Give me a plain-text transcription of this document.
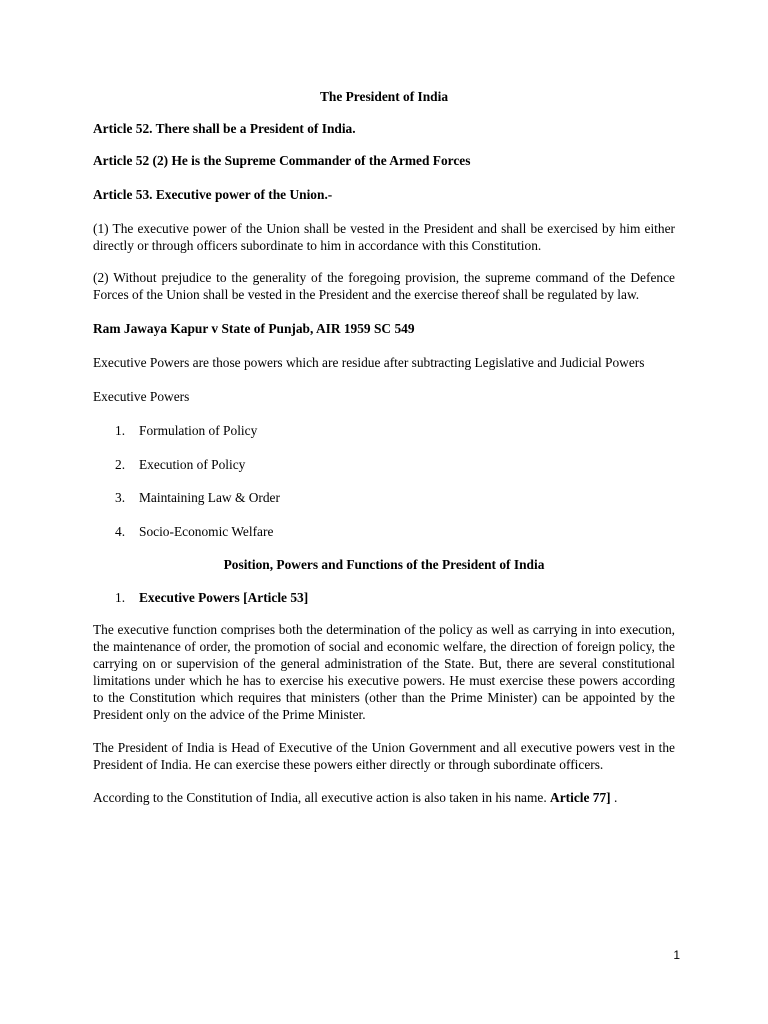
The President of India
Article 52. There shall be a President of India.
Article 52 (2) He is the Supreme Commander of the Armed Forces
Article 53. Executive power of the Union.-
(1) The executive power of the Union shall be vested in the President and shall be exercised by him either directly or through officers subordinate to him in accordance with this Constitution.
(2) Without prejudice to the generality of the foregoing provision, the supreme command of the Defence Forces of the Union shall be vested in the President and the exercise thereof shall be regulated by law.
Ram Jawaya Kapur v State of Punjab, AIR 1959 SC 549
Executive Powers are those powers which are residue after subtracting Legislative and Judicial Powers
Executive Powers
1.	Formulation of Policy
2.	Execution of Policy
3.	Maintaining Law & Order
4.	Socio-Economic Welfare
Position, Powers and Functions of the President of India
1.	Executive Powers [Article 53]
The executive function comprises both the determination of the policy as well as carrying in into execution, the maintenance of order, the promotion of social and economic welfare, the direction of foreign policy, the carrying on or supervision of the general administration of the State. But, there are several constitutional limitations under which he has to exercise his executive powers. He must exercise these powers according to the Constitution which requires that ministers (other than the Prime Minister) can be appointed by the President only on the advice of the Prime Minister.
The President of India is Head of Executive of the Union Government and all executive powers vest in the President of India. He can exercise these powers either directly or through subordinate officers.
According to the Constitution of India, all executive action is also taken in his name. Article 77] .
1
